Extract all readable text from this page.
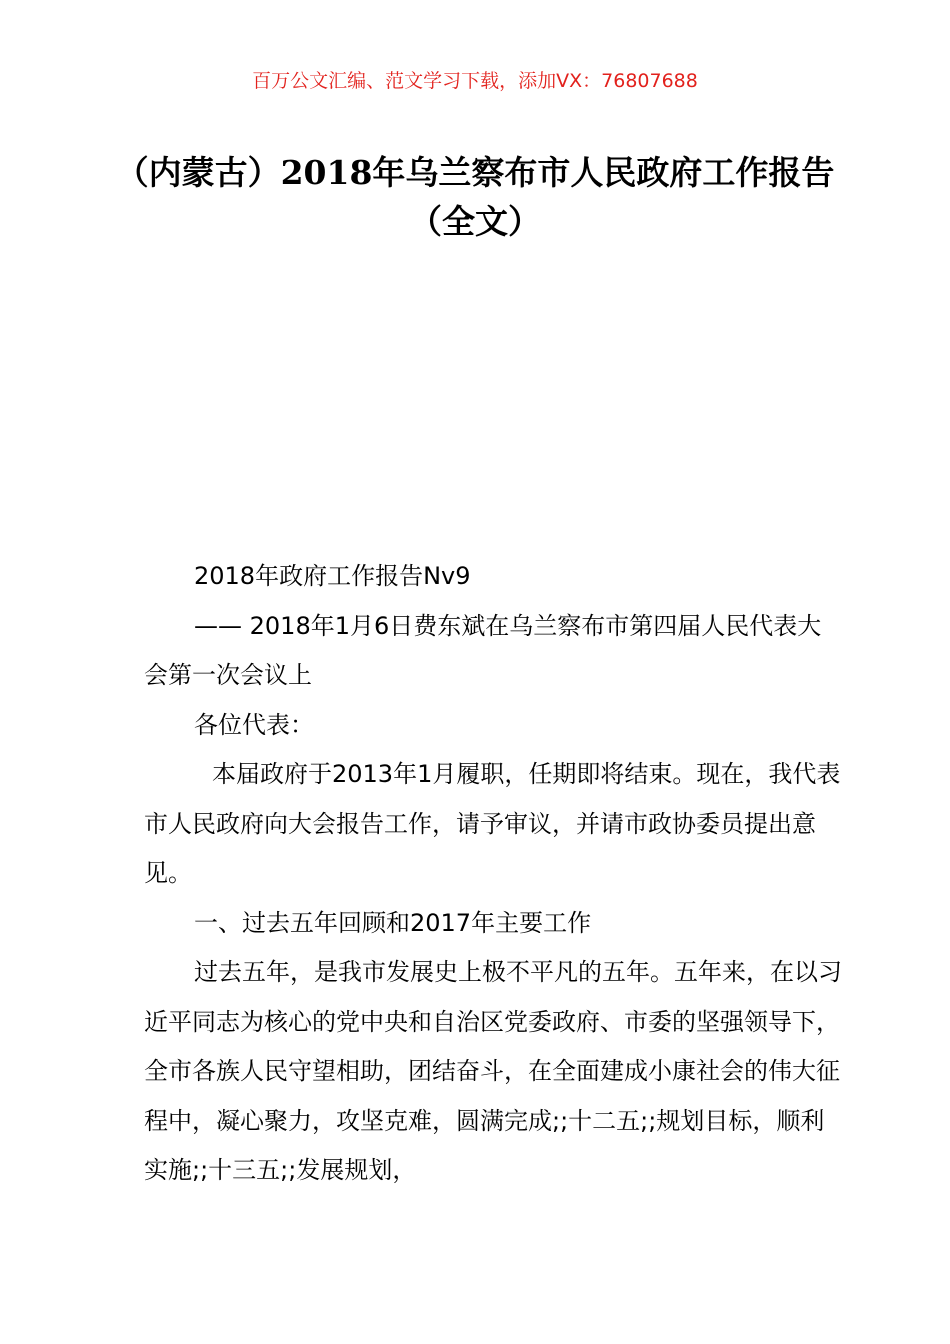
百万公文汇编、范文学习下载，添加VX：76807688
（内蒙古）2018年乌兰察布市人民政府工作报告（全文）

2018年政府工作报告Nv9

—— 2018年1月6日费东斌在乌兰察布市第四届人民代表大会第一次会议上

各位代表：

本届政府于2013年1月履职，任期即将结束。现在，我代表市人民政府向大会报告工作，请予审议，并请市政协委员提出意见。

一、过去五年回顾和2017年主要工作

过去五年，是我市发展史上极不平凡的五年。五年来，在以习近平同志为核心的党中央和自治区党委政府、市委的坚强领导下，全市各族人民守望相助，团结奋斗，在全面建成小康社会的伟大征程中，凝心聚力，攻坚克难，圆满完成;;十二五;;规划目标，顺利实施;;十三五;;发展规划，
